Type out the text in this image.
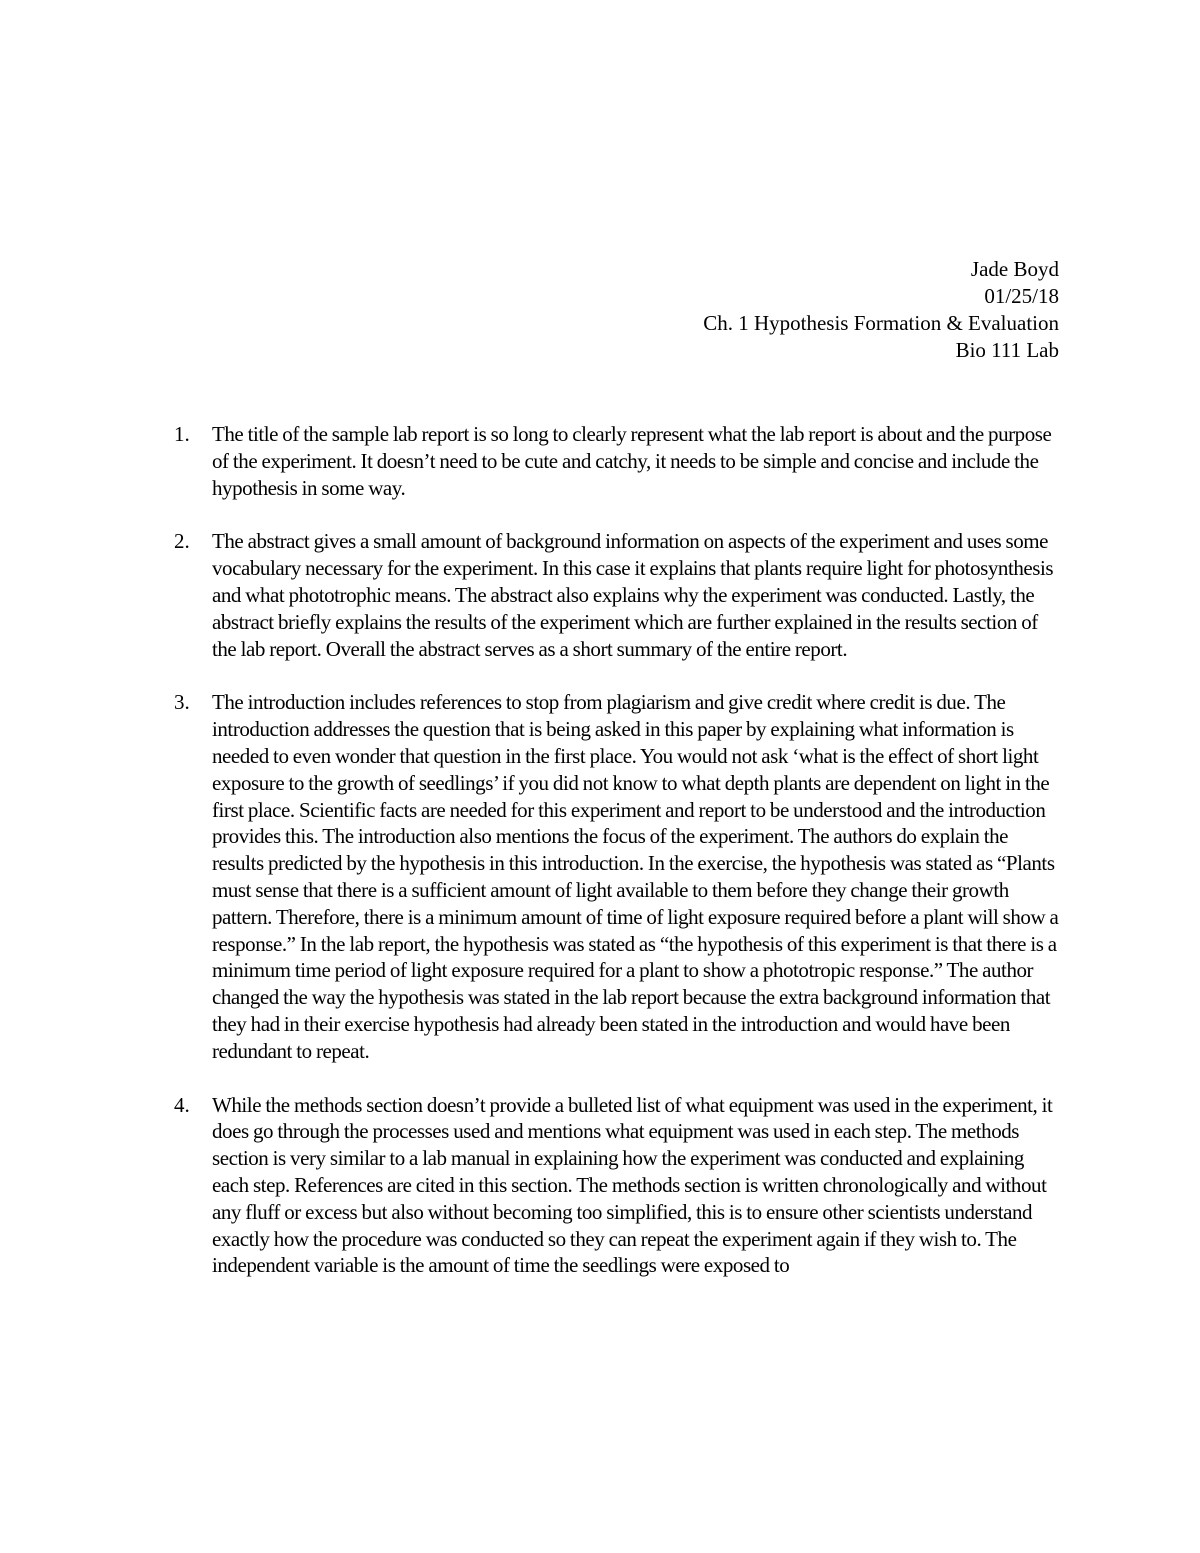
Jade Boyd
01/25/18
Ch. 1 Hypothesis Formation & Evaluation
Bio 111 Lab
1. The title of the sample lab report is so long to clearly represent what the lab report is about and the purpose of the experiment. It doesn’t need to be cute and catchy, it needs to be simple and concise and include the hypothesis in some way.
2. The abstract gives a small amount of background information on aspects of the experiment and uses some vocabulary necessary for the experiment. In this case it explains that plants require light for photosynthesis and what phototrophic means. The abstract also explains why the experiment was conducted. Lastly, the abstract briefly explains the results of the experiment which are further explained in the results section of the lab report. Overall the abstract serves as a short summary of the entire report.
3. The introduction includes references to stop from plagiarism and give credit where credit is due. The introduction addresses the question that is being asked in this paper by explaining what information is needed to even wonder that question in the first place. You would not ask ‘what is the effect of short light exposure to the growth of seedlings’ if you did not know to what depth plants are dependent on light in the first place. Scientific facts are needed for this experiment and report to be understood and the introduction provides this. The introduction also mentions the focus of the experiment. The authors do explain the results predicted by the hypothesis in this introduction. In the exercise, the hypothesis was stated as “Plants must sense that there is a sufficient amount of light available to them before they change their growth pattern. Therefore, there is a minimum amount of time of light exposure required before a plant will show a response.” In the lab report, the hypothesis was stated as “the hypothesis of this experiment is that there is a minimum time period of light exposure required for a plant to show a phototropic response.” The author changed the way the hypothesis was stated in the lab report because the extra background information that they had in their exercise hypothesis had already been stated in the introduction and would have been redundant to repeat.
4. While the methods section doesn’t provide a bulleted list of what equipment was used in the experiment, it does go through the processes used and mentions what equipment was used in each step. The methods section is very similar to a lab manual in explaining how the experiment was conducted and explaining each step. References are cited in this section. The methods section is written chronologically and without any fluff or excess but also without becoming too simplified, this is to ensure other scientists understand exactly how the procedure was conducted so they can repeat the experiment again if they wish to. The independent variable is the amount of time the seedlings were exposed to
